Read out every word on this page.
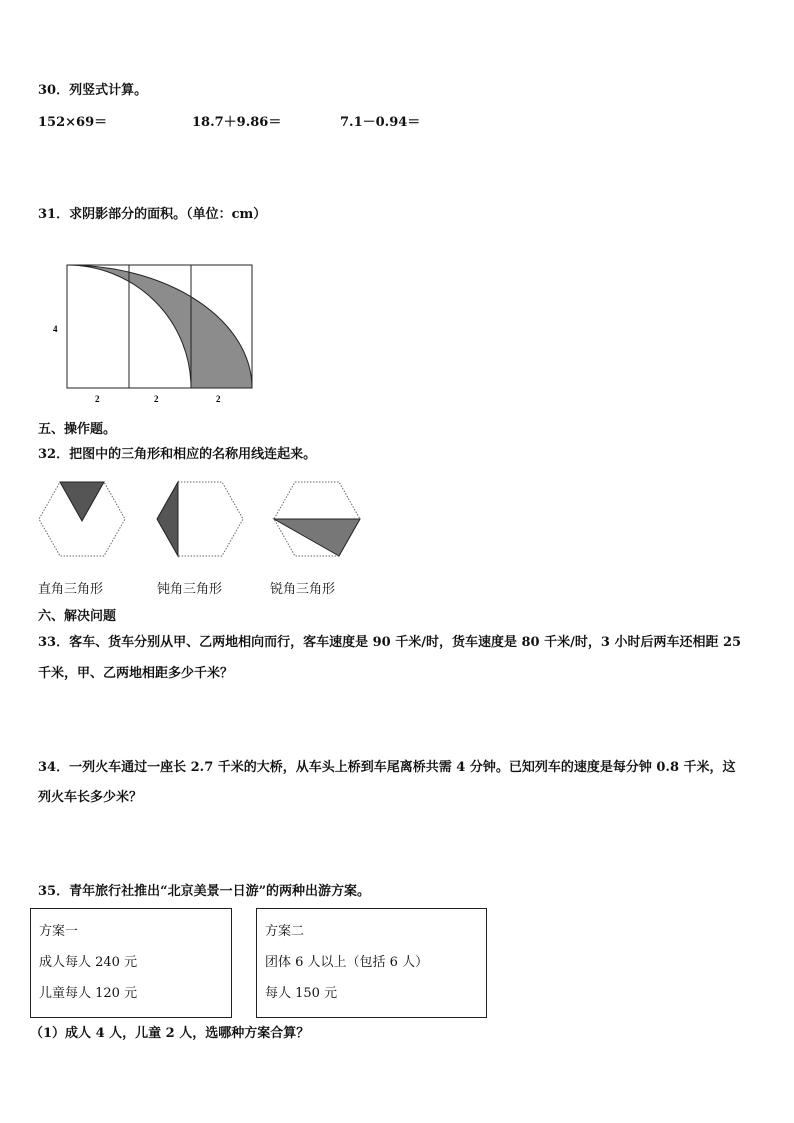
30．列竖式计算。
152×69＝	18.7＋9.86＝	7.1－0.94＝
31．求阴影部分的面积。（单位：cm）
4
2	2	2
五、操作题。
32．把图中的三角形和相应的名称用线连起来。
直角三角形	钝角三角形	锐角三角形
六、解决问题
33．客车、货车分别从甲、乙两地相向而行，客车速度是 90 千米/时，货车速度是 80 千米/时，3 小时后两车还相距 25
千米，甲、乙两地相距多少千米？
34．一列火车通过一座长 2.7 千米的大桥，从车头上桥到车尾离桥共需 4 分钟。已知列车的速度是每分钟 0.8 千米，这
列火车长多少米？
35．青年旅行社推出“北京美景一日游”的两种出游方案。
方案一
成人每人 240 元
儿童每人 120 元
方案二
团体 6 人以上（包括 6 人）
每人 150 元
（1）成人 4 人，儿童 2 人，选哪种方案合算？
